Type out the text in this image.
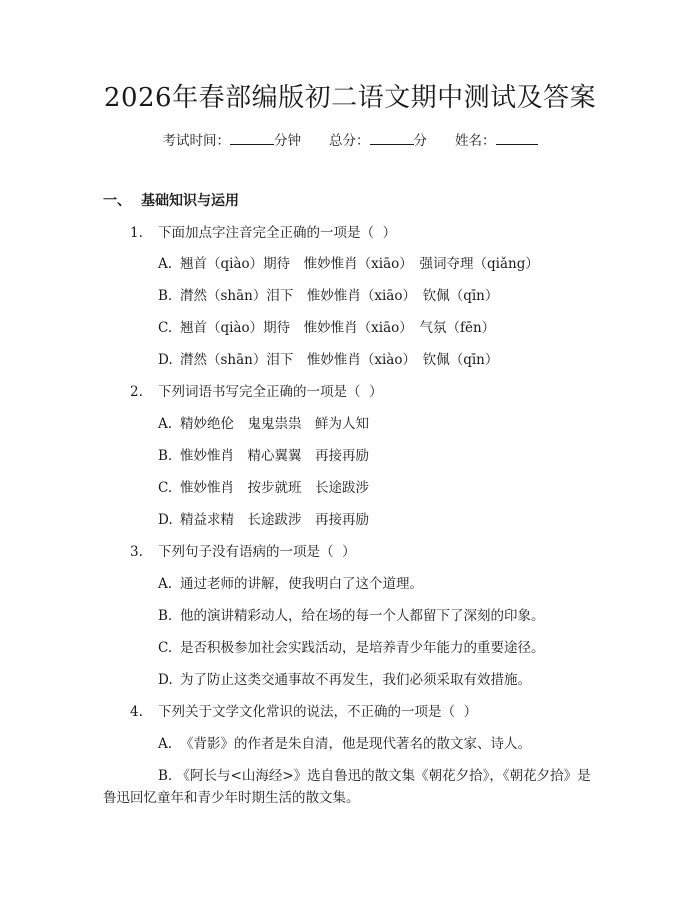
2026年春部编版初二语文期中测试及答案
考试时间：	分钟 总分：	分 姓名：
一、 基础知识与运用
1. 下面加点字注音完全正确的一项是（  ）
A. 翘首（qiào）期待　惟妙惟肖（xiāo）　强词夺理（qiǎng）
B. 潸然（shān）泪下　惟妙惟肖（xiāo）　钦佩（qīn）
C. 翘首（qiào）期待　惟妙惟肖（xiāo）　气氛（fēn）
D. 潸然（shān）泪下　惟妙惟肖（xiào）　钦佩（qīn）
2. 下列词语书写完全正确的一项是（  ）
A. 精妙绝伦　鬼鬼祟祟　鲜为人知
B. 惟妙惟肖　精心翼翼　再接再励
C. 惟妙惟肖　按步就班　长途跋涉
D. 精益求精　长途跋涉　再接再励
3. 下列句子没有语病的一项是（  ）
A. 通过老师的讲解，使我明白了这个道理。
B. 他的演讲精彩动人，给在场的每一个人都留下了深刻的印象。
C. 是否积极参加社会实践活动，是培养青少年能力的重要途径。
D. 为了防止这类交通事故不再发生，我们必须采取有效措施。
4. 下列关于文学文化常识的说法，不正确的一项是（  ）
A. 《背影》的作者是朱自清，他是现代著名的散文家、诗人。
B. 《阿长与<山海经>》选自鲁迅的散文集《朝花夕拾》，《朝花夕拾》是鲁迅回忆童年和青少年时期生活的散文集。
